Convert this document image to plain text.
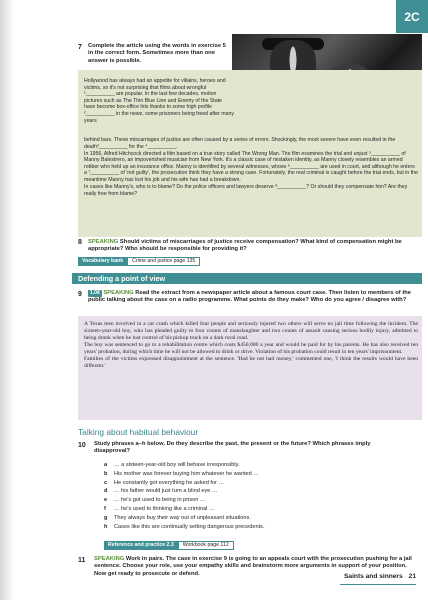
2C
7 Complete the article using the words in exercise 5 in the correct form. Sometimes more than one answer is possible.
Hollywood has always had an appetite for villains, heroes and victims, so it's not surprising that films about wrongful ¹__________ are popular. In the last few decades, motion pictures such as The Thin Blue Line and Enemy of the State have become box-office hits thanks to some high profile ²__________ in the news, some prisoners being freed after many years

behind bars. These miscarriages of justice are often caused by a series of errors. Shockingly, the most severe have even resulted in the death³__________ for the ⁴__________.

In 1956, Alfred Hitchcock directed a film based on a true story called The Wrong Man. The film examines the trial and unjust ⁵__________ of Manny Balestrero, an impoverished musician from New York. It's a classic case of mistaken identity, as Manny closely resembles an armed robber who held up an insurance office. Manny is identified by several witnesses, whose ⁶__________ are used in court, and although he enters a ⁷__________ of 'not guilty', the prosecution think they have a strong case. Fortunately, the real criminal is caught before the trial ends, but in the meantime Manny has lost his job and his wife has had a breakdown.

In cases like Manny's, who is to blame? Do the police officers and lawyers deserve ⁸__________? Or should they compensate him? Are they really free from blame?

8 SPEAKING Should victims of miscarriages of justice receive compensation? What kind of compensation might be appropriate? Who should be responsible for providing it?
Vocabulary bank	Crime and justice page 135
Defending a point of view
9	1.08 SPEAKING Read the extract from a newspaper article about a famous court case. Then listen to members of the public talking about the case on a radio programme. What points do they make? Who do you agree / disagree with?

A Texas teen involved in a car crash which killed four people and seriously injured two others will serve no jail time following the incident. The sixteen-year-old boy, who has pleaded guilty to four counts of manslaughter and two counts of assault causing serious bodily injury, admitted to being drunk when he lost control of his pickup truck on a dark rural road.

The boy was sentenced to go to a rehabilitation centre which costs $450,000 a year and would be paid for by his parents. He has also received ten years' probation, during which time he will not be allowed to drink or drive. Violation of his probation could result in ten years' imprisonment.

Families of the victims expressed disappointment at the sentence. 'Had he not had money,' commented one, 'I think the results would have been different.'

Talking about habitual behaviour
10 Study phrases a–h below. Do they describe the past, the present or the future? Which phrases imply disapproval?
a	… a sixteen-year-old boy will behave irresponsibly.
b	His mother was forever buying him whatever he wanted …
c	He constantly got everything he asked for …
d	… his father would just turn a blind eye …
e	… he's got used to being in prison …
f	… he's used to thinking like a criminal …
g	They always buy their way out of unpleasant situations.
h	Cases like this are continually setting dangerous precedents.
Reference and practice 2.3	Workbook page 112
11 SPEAKING Work in pairs. The case in exercise 9 is going to an appeals court with the prosecution pushing for a jail sentence. Choose your role, use your empathy skills and brainstorm more arguments in support of your position. Now get ready to prosecute or defend.	Saints and sinners 21
